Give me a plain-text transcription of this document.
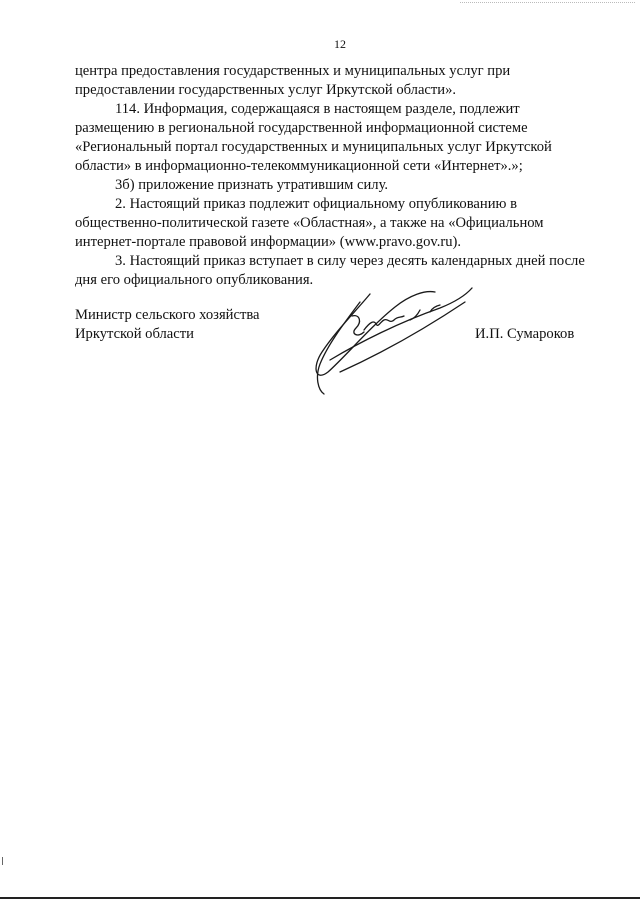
12

центра предоставления государственных и муниципальных услуг при
предоставлении государственных услуг Иркутской области».

114. Информация, содержащаяся в настоящем разделе, подлежит
размещению в региональной государственной информационной системе
«Региональный портал государственных и муниципальных услуг Иркутской
области» в информационно-телекоммуникационной сети «Интернет».»;

3б) приложение признать утратившим силу.

2. Настоящий приказ подлежит официальному опубликованию в
общественно-политической газете «Областная», а также на «Официальном
интернет-портале правовой информации» (www.pravo.gov.ru).

3. Настоящий приказ вступает в силу через десять календарных дней после
дня его официального опубликования.

Министр сельского хозяйства
Иркутской области	И.П. Сумароков
